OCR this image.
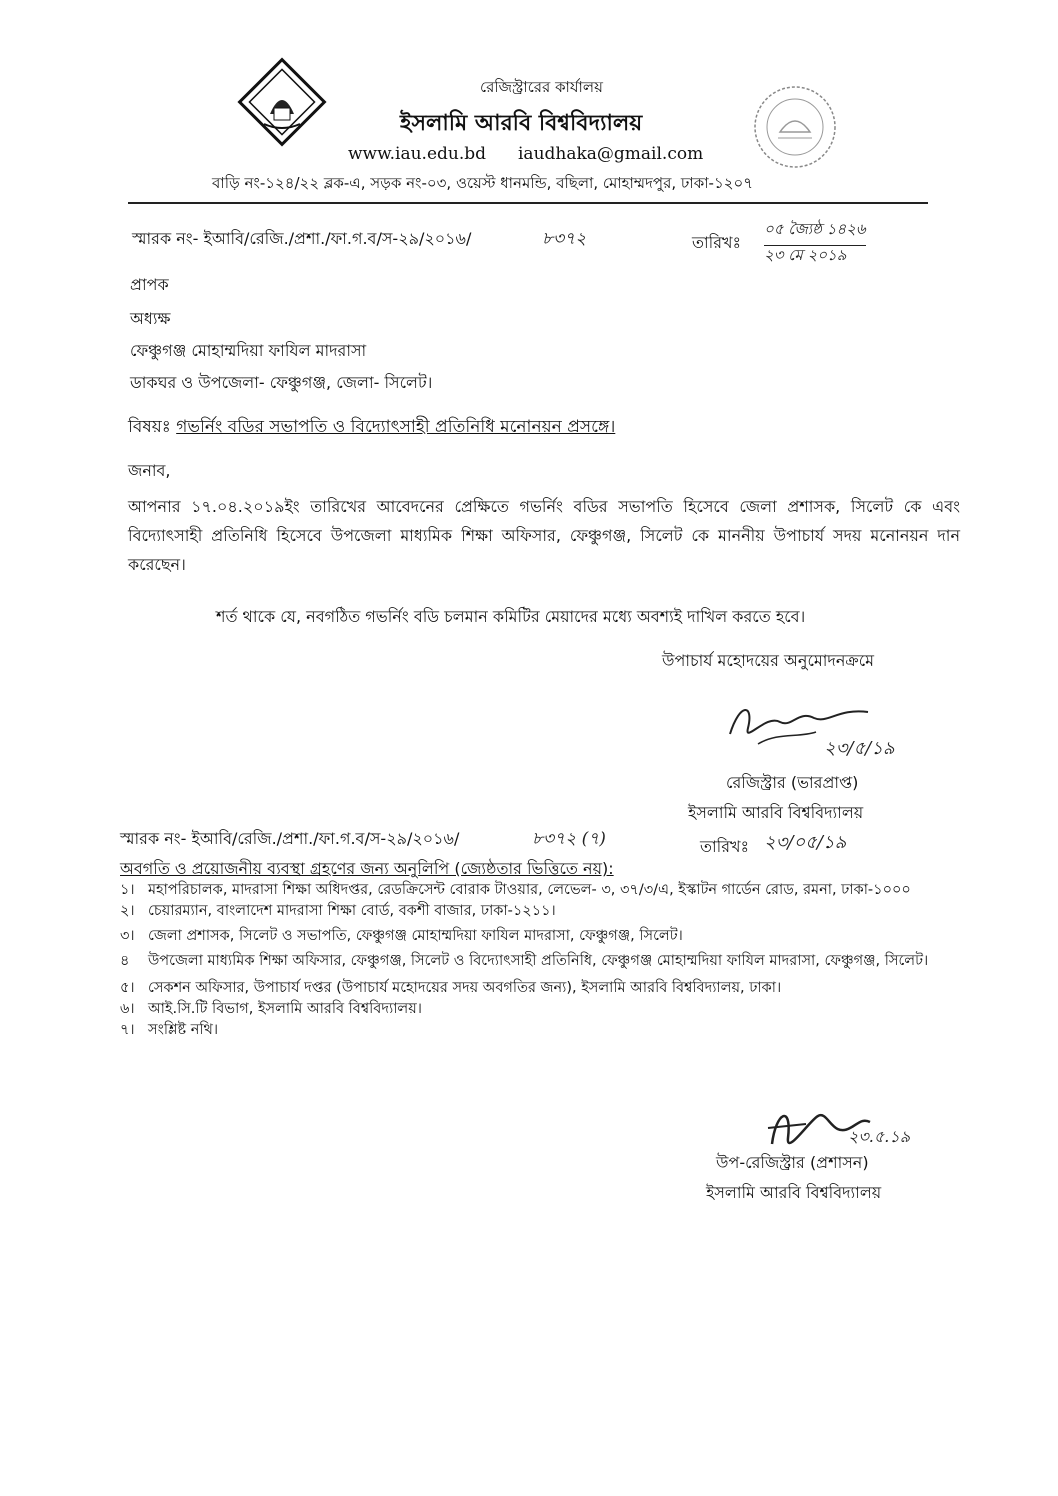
রেজিস্ট্রারের কার্যালয়
ইসলামি আরবি বিশ্ববিদ্যালয়
www.iau.edu.bd iaudhaka@gmail.com
বাড়ি নং-১২৪/২২ ব্লক-এ, সড়ক নং-০৩, ওয়েস্ট ধানমন্ডি, বছিলা, মোহাম্মদপুর, ঢাকা-১২০৭
স্মারক নং- ইআবি/রেজি./প্রশা./ফা.গ.ব/স-২৯/২০১৬/	৮৩৭২	তারিখঃ
০৫ জ্যৈষ্ঠ ১৪২৬
২৩ মে ২০১৯
প্রাপক
অধ্যক্ষ
ফেঞ্চুগঞ্জ মোহাম্মদিয়া ফাযিল মাদরাসা
ডাকঘর ও উপজেলা- ফেঞ্চুগঞ্জ, জেলা- সিলেট।
বিষয়ঃ গভর্নিং বডির সভাপতি ও বিদ্যোৎসাহী প্রতিনিধি মনোনয়ন প্রসঙ্গে।
জনাব,
আপনার ১৭.০৪.২০১৯ইং তারিখের আবেদনের প্রেক্ষিতে গভর্নিং বডির সভাপতি হিসেবে জেলা প্রশাসক, সিলেট কে এবং বিদ্যোৎসাহী প্রতিনিধি হিসেবে উপজেলা মাধ্যমিক শিক্ষা অফিসার, ফেঞ্চুগঞ্জ, সিলেট কে মাননীয় উপাচার্য সদয় মনোনয়ন দান করেছেন।
শর্ত থাকে যে, নবগঠিত গভর্নিং বডি চলমান কমিটির মেয়াদের মধ্যে অবশ্যই দাখিল করতে হবে।
উপাচার্য মহোদয়ের অনুমোদনক্রমে
২৩/৫/১৯
রেজিস্ট্রার (ভারপ্রাপ্ত)
ইসলামি আরবি বিশ্ববিদ্যালয়
স্মারক নং- ইআবি/রেজি./প্রশা./ফা.গ.ব/স-২৯/২০১৬/	৮৩৭২ (৭)	তারিখঃ ২৩/০৫/১৯
অবগতি ও প্রয়োজনীয় ব্যবস্থা গ্রহণের জন্য অনুলিপি (জ্যেষ্ঠতার ভিত্তিতে নয়):
১। মহাপরিচালক, মাদরাসা শিক্ষা অধিদপ্তর, রেডক্রিসেন্ট বোরাক টাওয়ার, লেভেল- ৩, ৩৭/৩/এ, ইস্কাটন গার্ডেন রোড, রমনা, ঢাকা-১০০০
২। চেয়ারম্যান, বাংলাদেশ মাদরাসা শিক্ষা বোর্ড, বকশী বাজার, ঢাকা-১২১১।
৩। জেলা প্রশাসক, সিলেট ও সভাপতি, ফেঞ্চুগঞ্জ মোহাম্মদিয়া ফাযিল মাদরাসা, ফেঞ্চুগঞ্জ, সিলেট।
৪	উপজেলা মাধ্যমিক শিক্ষা অফিসার, ফেঞ্চুগঞ্জ, সিলেট ও বিদ্যোৎসাহী প্রতিনিধি, ফেঞ্চুগঞ্জ মোহাম্মদিয়া ফাযিল মাদরাসা, ফেঞ্চুগঞ্জ, সিলেট।
৫। সেকশন অফিসার, উপাচার্য দপ্তর (উপাচার্য মহোদয়ের সদয় অবগতির জন্য), ইসলামি আরবি বিশ্ববিদ্যালয়, ঢাকা।
৬। আই.সি.টি বিভাগ, ইসলামি আরবি বিশ্ববিদ্যালয়।
৭। সংশ্লিষ্ট নথি।
২৩.৫.১৯
উপ-রেজিস্ট্রার (প্রশাসন)
ইসলামি আরবি বিশ্ববিদ্যালয়
